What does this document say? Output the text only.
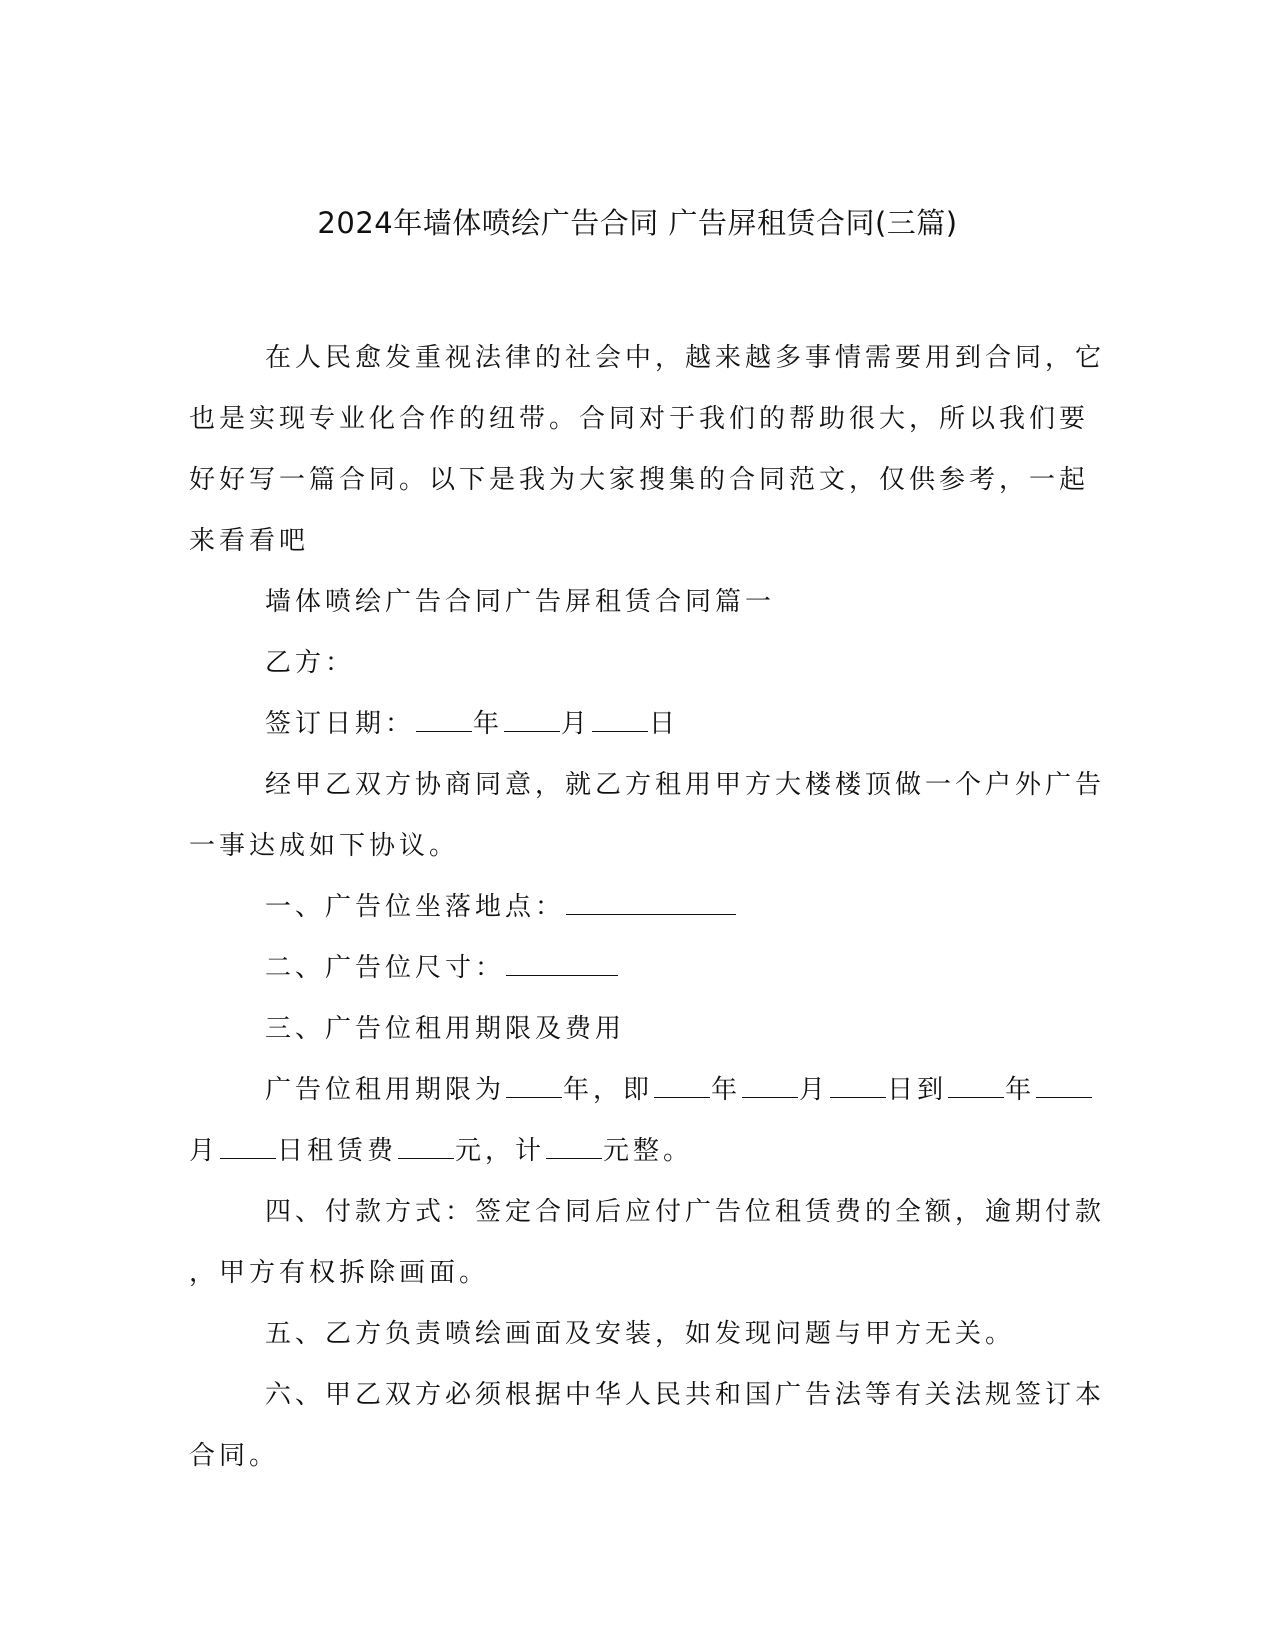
2024年墙体喷绘广告合同 广告屏租赁合同(三篇)

在人民愈发重视法律的社会中，越来越多事情需要用到合同，它

也是实现专业化合作的纽带。合同对于我们的帮助很大，所以我们要

好好写一篇合同。以下是我为大家搜集的合同范文，仅供参考，一起

来看看吧

墙体喷绘广告合同广告屏租赁合同篇一

乙方：

签订日期： 年 月 日

经甲乙双方协商同意，就乙方租用甲方大楼楼顶做一个户外广告

一事达成如下协议。

一、广告位坐落地点：

二、广告位尺寸：

三、广告位租用期限及费用

广告位租用期限为 年，即 年 月 日到 年

月 日租赁费 元，计 元整。

四、付款方式：签定合同后应付广告位租赁费的全额，逾期付款

，甲方有权拆除画面。

五、乙方负责喷绘画面及安装，如发现问题与甲方无关。

六、甲乙双方必须根据中华人民共和国广告法等有关法规签订本

合同。
